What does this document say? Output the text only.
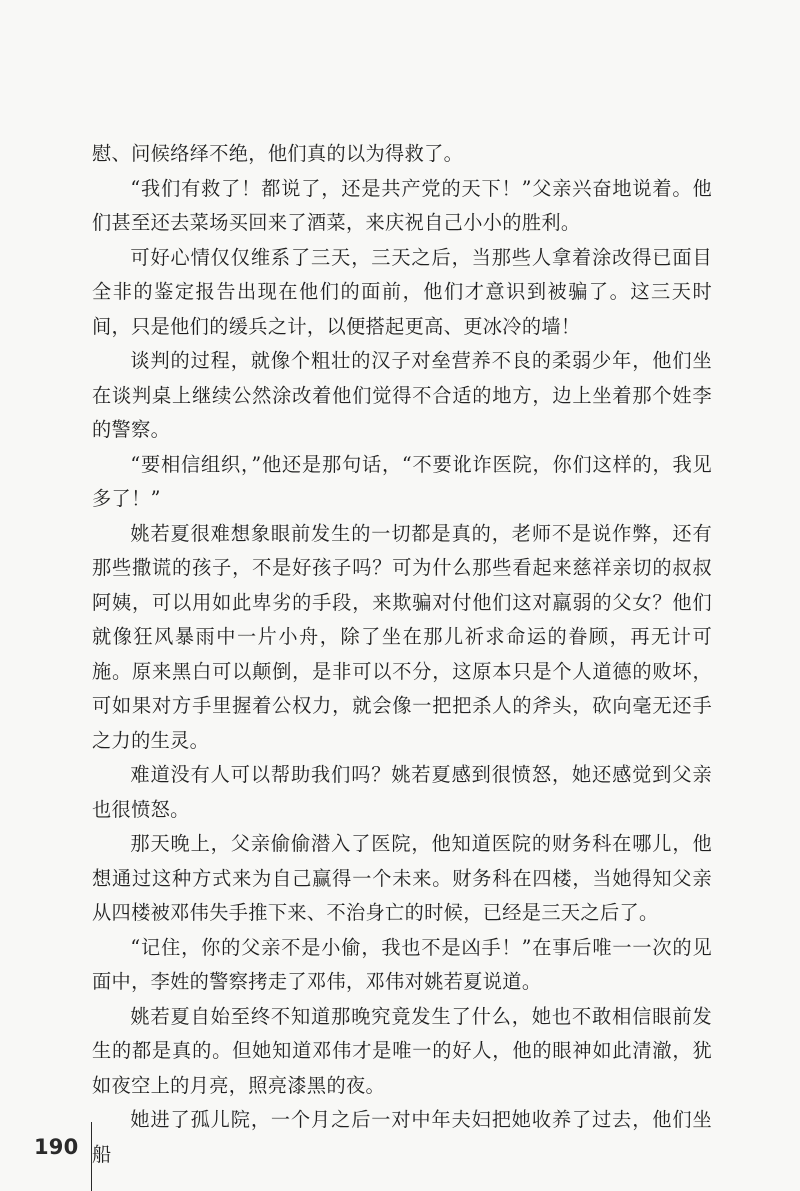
慰、问候络绎不绝，他们真的以为得救了。

“我们有救了！都说了，还是共产党的天下！”父亲兴奋地说着。他们甚至还去菜场买回来了酒菜，来庆祝自己小小的胜利。

可好心情仅仅维系了三天，三天之后，当那些人拿着涂改得已面目全非的鉴定报告出现在他们的面前，他们才意识到被骗了。这三天时间，只是他们的缓兵之计，以便搭起更高、更冰冷的墙！

谈判的过程，就像个粗壮的汉子对垒营养不良的柔弱少年，他们坐在谈判桌上继续公然涂改着他们觉得不合适的地方，边上坐着那个姓李的警察。

“要相信组织，”他还是那句话，“不要讹诈医院，你们这样的，我见多了！”

姚若夏很难想象眼前发生的一切都是真的，老师不是说作弊，还有那些撒谎的孩子，不是好孩子吗？可为什么那些看起来慈祥亲切的叔叔阿姨，可以用如此卑劣的手段，来欺骗对付他们这对羸弱的父女？他们就像狂风暴雨中一片小舟，除了坐在那儿祈求命运的眷顾，再无计可施。原来黑白可以颠倒，是非可以不分，这原本只是个人道德的败坏，可如果对方手里握着公权力，就会像一把把杀人的斧头，砍向毫无还手之力的生灵。

难道没有人可以帮助我们吗？姚若夏感到很愤怒，她还感觉到父亲也很愤怒。

那天晚上，父亲偷偷潜入了医院，他知道医院的财务科在哪儿，他想通过这种方式来为自己赢得一个未来。财务科在四楼，当她得知父亲从四楼被邓伟失手推下来、不治身亡的时候，已经是三天之后了。

“记住，你的父亲不是小偷，我也不是凶手！”在事后唯一一次的见面中，李姓的警察拷走了邓伟，邓伟对姚若夏说道。

姚若夏自始至终不知道那晚究竟发生了什么，她也不敢相信眼前发生的都是真的。但她知道邓伟才是唯一的好人，他的眼神如此清澈，犹如夜空上的月亮，照亮漆黑的夜。

她进了孤儿院，一个月之后一对中年夫妇把她收养了过去，他们坐船

190
